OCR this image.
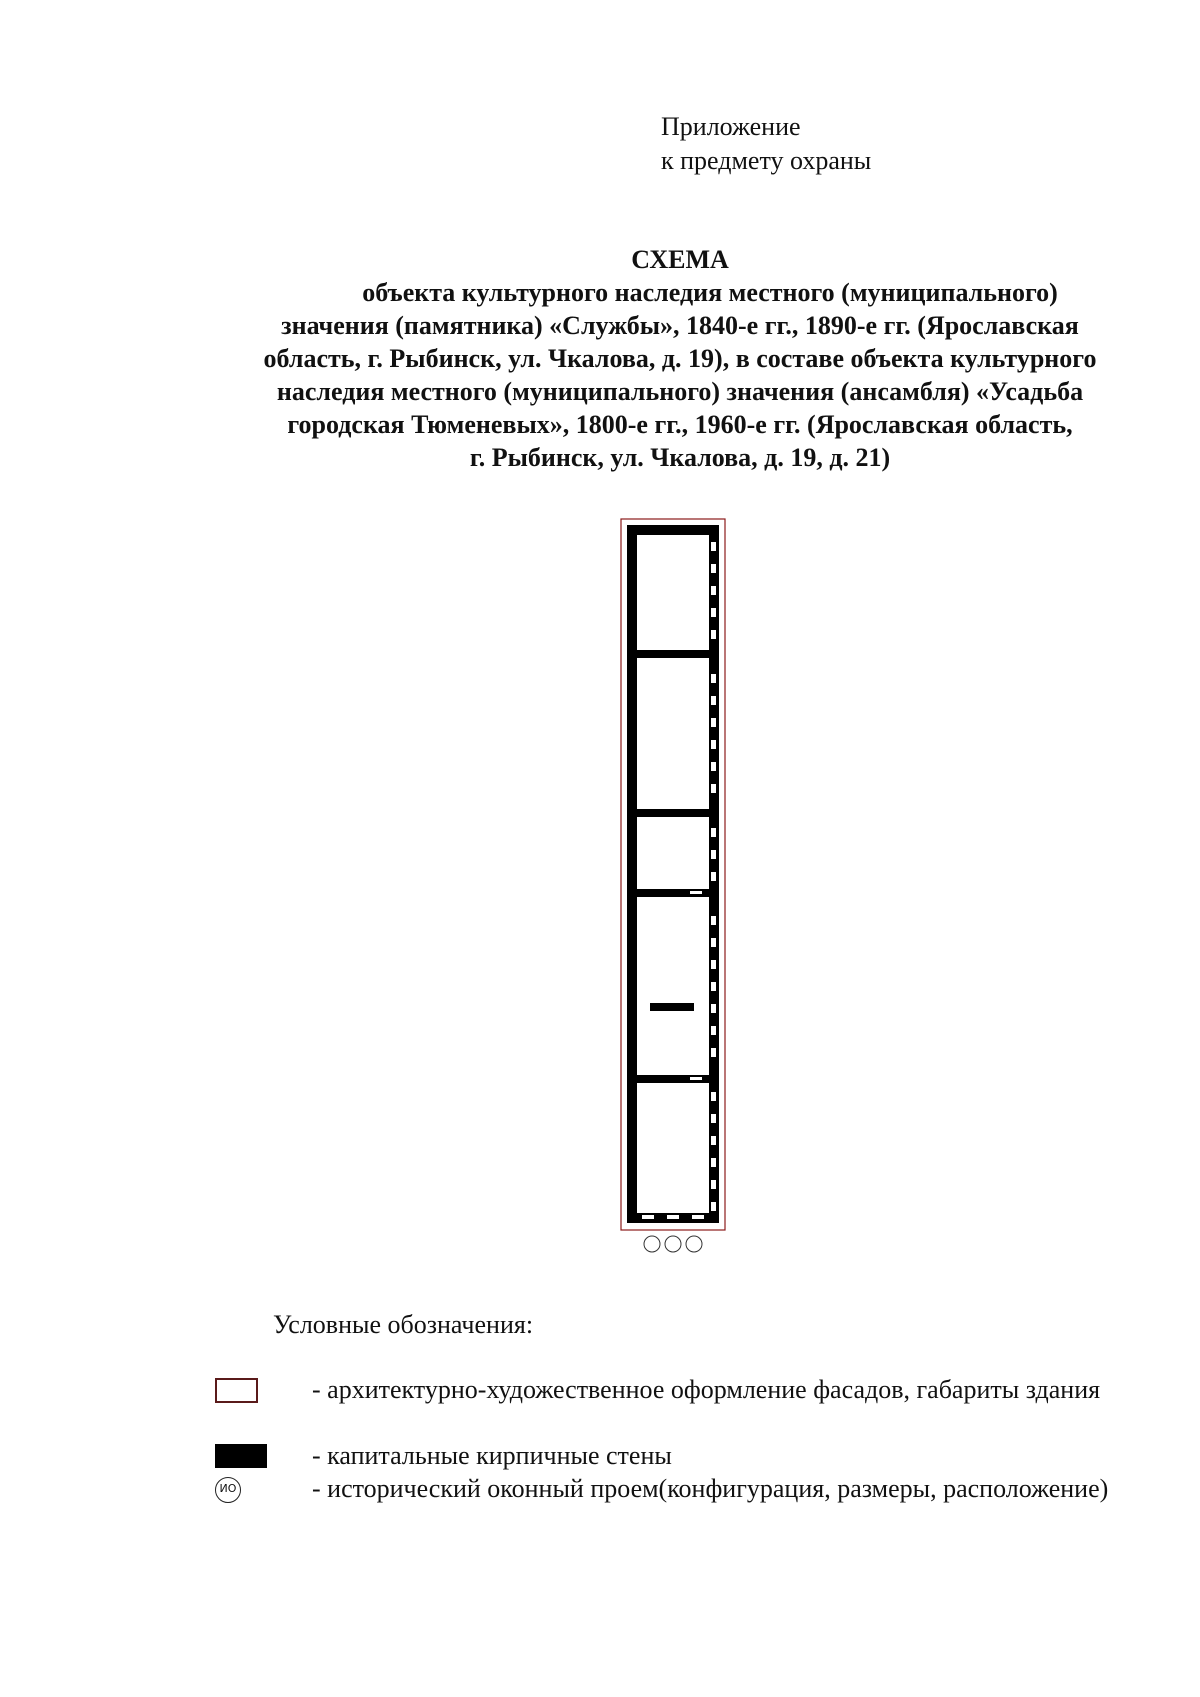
Приложение
к предмету охраны
СХЕМА
объекта культурного наследия местного (муниципального)
значения (памятника) «Службы», 1840-е гг., 1890-е гг. (Ярославская
область, г. Рыбинск, ул. Чкалова, д. 19), в составе объекта культурного
наследия местного (муниципального) значения (ансамбля) «Усадьба
городская Тюменевых», 1800-е гг., 1960-е гг. (Ярославская область,
г. Рыбинск, ул. Чкалова, д. 19, д. 21)
Условные обозначения:
- архитектурно-художественное оформление фасадов, габариты здания
- капитальные кирпичные стены
ИО	- исторический оконный проем(конфигурация, размеры, расположение)
